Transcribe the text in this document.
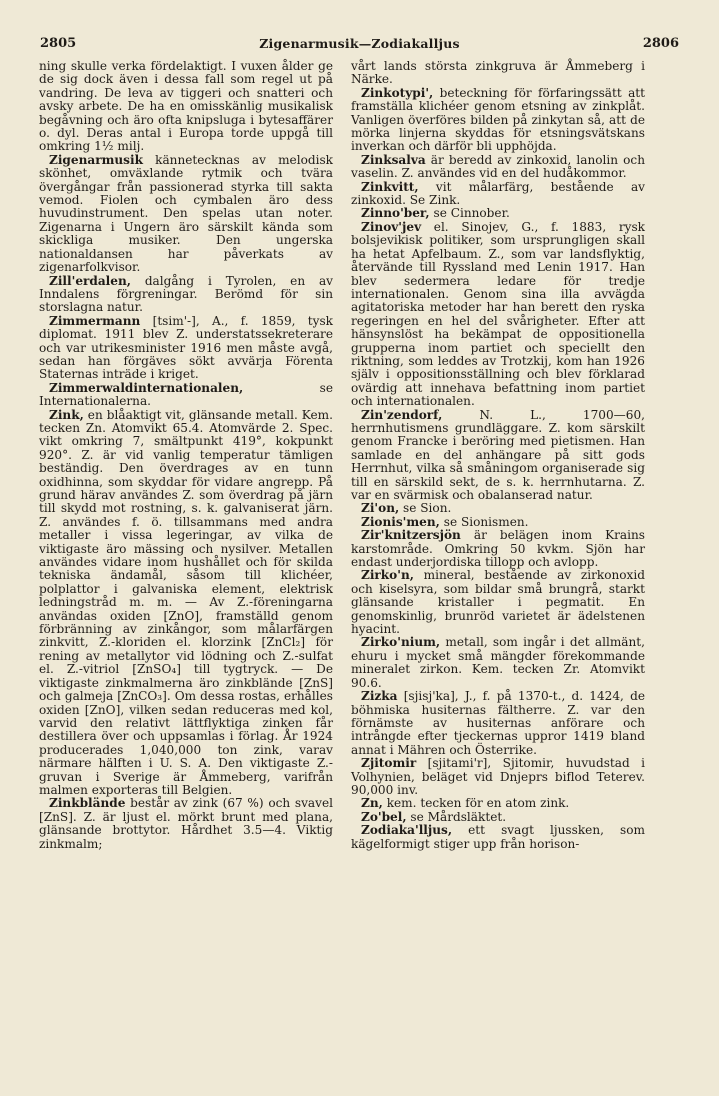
2805	Zigenarmusik—Zodiakalljus	2806

ning skulle verka fördelaktigt. I vuxen ålder ge de sig dock även i dessa fall som regel ut på vandring. De leva av tiggeri och snatteri och avsky arbete. De ha en omisskänlig musikalisk begåvning och äro ofta knipsluga i bytesaffärer o. dyl. Deras antal i Europa torde uppgå till omkring 1½ milj.

Zigenarmusik kännetecknas av melodisk skönhet, omväxlande rytmik och tvära övergångar från passionerad styrka till sakta vemod. Fiolen och cymbalen äro dess huvudinstrument. Den spelas utan noter. Zigenarna i Ungern äro särskilt kända som skickliga musiker. Den ungerska nationaldansen har påverkats av zigenarfolkvisor.

Zill'erdalen, dalgång i Tyrolen, en av Inndalens förgreningar. Berömd för sin storslagna natur.

Zimmermann [tsim'-], A., f. 1859, tysk diplomat. 1911 blev Z. understatssekreterare och var utrikesminister 1916 men måste avgå, sedan han förgäves sökt avvärja Förenta Staternas inträde i kriget.

Zimmerwaldinternationalen, se Internationalerna.

Zink, en blåaktigt vit, glänsande metall. Kem. tecken Zn. Atomvikt 65.4. Atomvärde 2. Spec. vikt omkring 7, smältpunkt 419°, kokpunkt 920°. Z. är vid vanlig temperatur tämligen beständig. Den överdrages av en tunn oxidhinna, som skyddar för vidare angrepp. På grund härav användes Z. som överdrag på järn till skydd mot rostning, s. k. galvaniserat järn. Z. användes f. ö. tillsammans med andra metaller i vissa legeringar, av vilka de viktigaste äro mässing och nysilver. Metallen användes vidare inom hushållet och för skilda tekniska ändamål, såsom till klichéer, polplattor i galvaniska element, elektrisk ledningstråd m. m. — Av Z.-föreningarna användas oxiden [ZnO], framställd genom förbränning av zinkångor, som målarfärgen zinkvitt, Z.-kloriden el. klorzink [ZnCl₂] för rening av metallytor vid lödning och Z.-sulfat el. Z.-vitriol [ZnSO₄] till tygtryck. — De viktigaste zinkmalmerna äro zinkblände [ZnS] och galmeja [ZnCO₃]. Om dessa rostas, erhålles oxiden [ZnO], vilken sedan reduceras med kol, varvid den relativt lättflyktiga zinken får destillera över och uppsamlas i förlag. År 1924 producerades 1,040,000 ton zink, varav närmare hälften i U. S. A. Den viktigaste Z.-gruvan i Sverige är Åmmeberg, varifrån malmen exporteras till Belgien.

Zinkblände består av zink (67 %) och svavel [ZnS]. Z. är ljust el. mörkt brunt med plana, glänsande brottytor. Hårdhet 3.5—4. Viktig zinkmalm;

vårt lands största zinkgruva är Åmmeberg i Närke.

Zinkotypi', beteckning för förfaringssätt att framställa klichéer genom etsning av zinkplåt. Vanligen överföres bilden på zinkytan så, att de mörka linjerna skyddas för etsningsvätskans inverkan och därför bli upphöjda.

Zinksalva är beredd av zinkoxid, lanolin och vaselin. Z. användes vid en del hudåkommor.

Zinkvitt, vit målarfärg, bestående av zinkoxid. Se Zink.

Zinno'ber, se Cinnober.

Zinov'jev el. Sinojev, G., f. 1883, rysk bolsjevikisk politiker, som ursprungligen skall ha hetat Apfelbaum. Z., som var landsflyktig, återvände till Ryssland med Lenin 1917. Han blev sedermera ledare för tredje internationalen. Genom sina illa avvägda agitatoriska metoder har han berett den ryska regeringen en hel del svårigheter. Efter att hänsynslöst ha bekämpat de oppositionella grupperna inom partiet och speciellt den riktning, som leddes av Trotzkij, kom han 1926 själv i oppositionsställning och blev förklarad ovärdig att innehava befattning inom partiet och internationalen.

Zin'zendorf, N. L., 1700—60, herrnhutismens grundläggare. Z. kom särskilt genom Francke i beröring med pietismen. Han samlade en del anhängare på sitt gods Herrnhut, vilka så småningom organiserade sig till en särskild sekt, de s. k. herrnhutarna. Z. var en svärmisk och obalanserad natur.

Zi'on, se Sion.

Zionis'men, se Sionismen.

Zir'knitzersjön är belägen inom Krains karstområde. Omkring 50 kvkm. Sjön har endast underjordiska tillopp och avlopp.

Zirko'n, mineral, bestående av zirkonoxid och kiselsyra, som bildar små brungrå, starkt glänsande kristaller i pegmatit. En genomskinlig, brunröd varietet är ädelstenen hyacint.

Zirko'nium, metall, som ingår i det allmänt, ehuru i mycket små mängder förekommande mineralet zirkon. Kem. tecken Zr. Atomvikt 90.6.

Zizka [sjisj'ka], J., f. på 1370-t., d. 1424, de böhmiska husiternas fältherre. Z. var den förnämste av husiternas anförare och intrångde efter tjeckernas uppror 1419 bland annat i Mähren och Österrike.

Zjitomir [sjitami'r], Sjitomir, huvudstad i Volhynien, beläget vid Dnjeprs biflod Teterev. 90,000 inv.

Zn, kem. tecken för en atom zink.

Zo'bel, se Mårdsläktet.

Zodiaka'lljus, ett svagt ljussken, som kägelformigt stiger upp från horison-
